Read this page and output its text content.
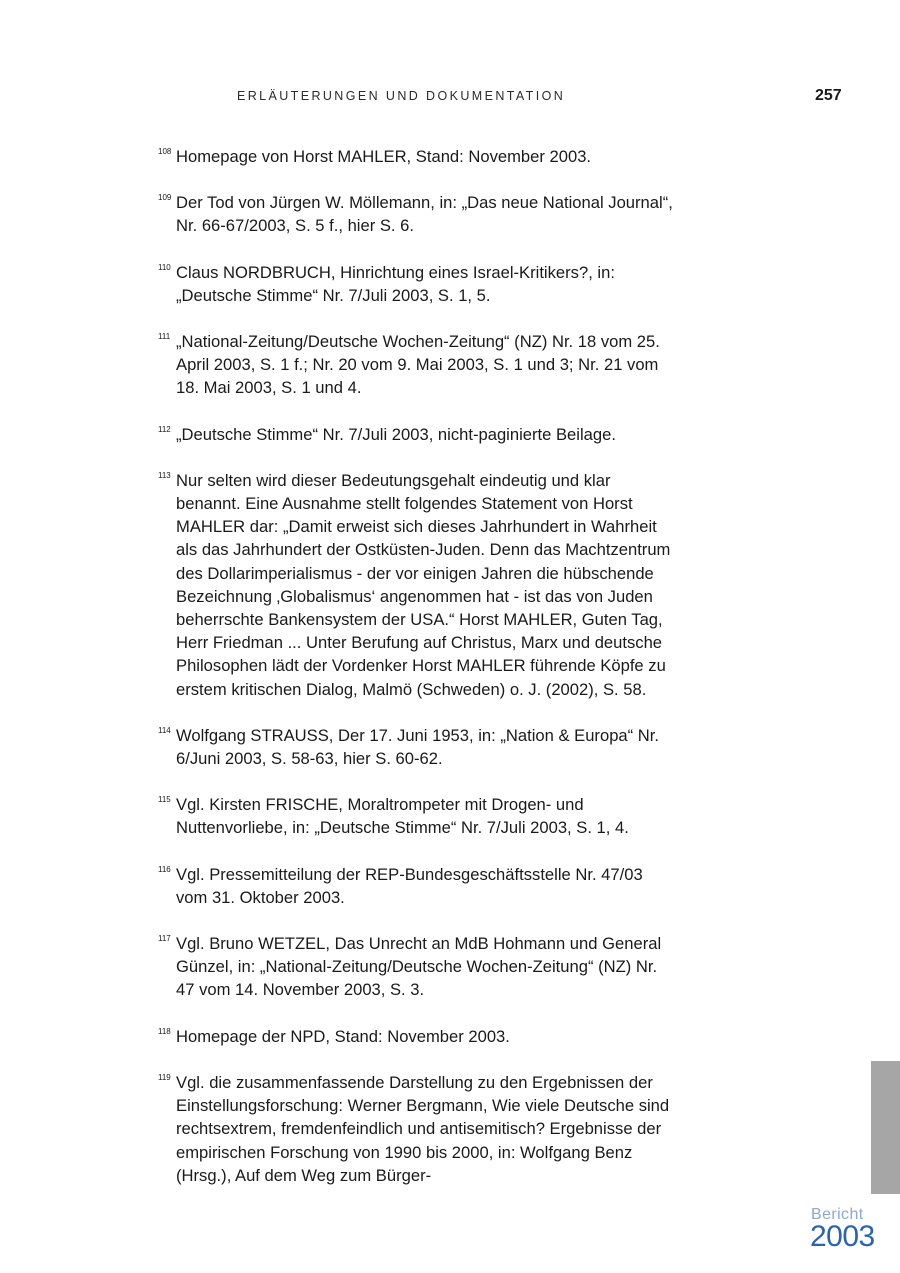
ERLÄUTERUNGEN UND DOKUMENTATION	257
108 Homepage von Horst MAHLER, Stand: November 2003.
109 Der Tod von Jürgen W. Möllemann, in: „Das neue National Journal“, Nr. 66-67/2003, S. 5 f., hier S. 6.
110 Claus NORDBRUCH, Hinrichtung eines Israel-Kritikers?, in: „Deutsche Stimme“ Nr. 7/Juli 2003, S. 1, 5.
111 „National-Zeitung/Deutsche Wochen-Zeitung“ (NZ) Nr. 18 vom 25. April 2003, S. 1 f.; Nr. 20 vom 9. Mai 2003, S. 1 und 3; Nr. 21 vom 18. Mai 2003, S. 1 und 4.
112 „Deutsche Stimme“ Nr. 7/Juli 2003, nicht-paginierte Beilage.
113 Nur selten wird dieser Bedeutungsgehalt eindeutig und klar benannt. Eine Ausnahme stellt folgendes Statement von Horst MAHLER dar: „Damit erweist sich dieses Jahrhundert in Wahrheit als das Jahrhundert der Ostküsten-Juden. Denn das Machtzentrum des Dollarimperialismus - der vor einigen Jahren die hübschende Bezeichnung ‚Globalismus‘ angenommen hat - ist das von Juden beherrschte Bankensystem der USA.“ Horst MAHLER, Guten Tag, Herr Friedman ... Unter Berufung auf Christus, Marx und deutsche Philosophen lädt der Vordenker Horst MAHLER führende Köpfe zu erstem kritischen Dialog, Malmö (Schweden) o. J. (2002), S. 58.
114 Wolfgang STRAUSS, Der 17. Juni 1953, in: „Nation & Europa“ Nr. 6/Juni 2003, S. 58-63, hier S. 60-62.
115 Vgl. Kirsten FRISCHE, Moraltrompeter mit Drogen- und Nuttenvorliebe, in: „Deutsche Stimme“ Nr. 7/Juli 2003, S. 1, 4.
116 Vgl. Pressemitteilung der REP-Bundesgeschäftsstelle Nr. 47/03 vom 31. Oktober 2003.
117 Vgl. Bruno WETZEL, Das Unrecht an MdB Hohmann und General Günzel, in: „National-Zeitung/Deutsche Wochen-Zeitung“ (NZ) Nr. 47 vom 14. November 2003, S. 3.
118 Homepage der NPD, Stand: November 2003.
119 Vgl. die zusammenfassende Darstellung zu den Ergebnissen der Einstellungsforschung: Werner Bergmann, Wie viele Deutsche sind rechtsextrem, fremdenfeindlich und antisemitisch? Ergebnisse der empirischen Forschung von 1990 bis 2000, in: Wolfgang Benz (Hrsg.), Auf dem Weg zum Bürger-
Bericht
2003
